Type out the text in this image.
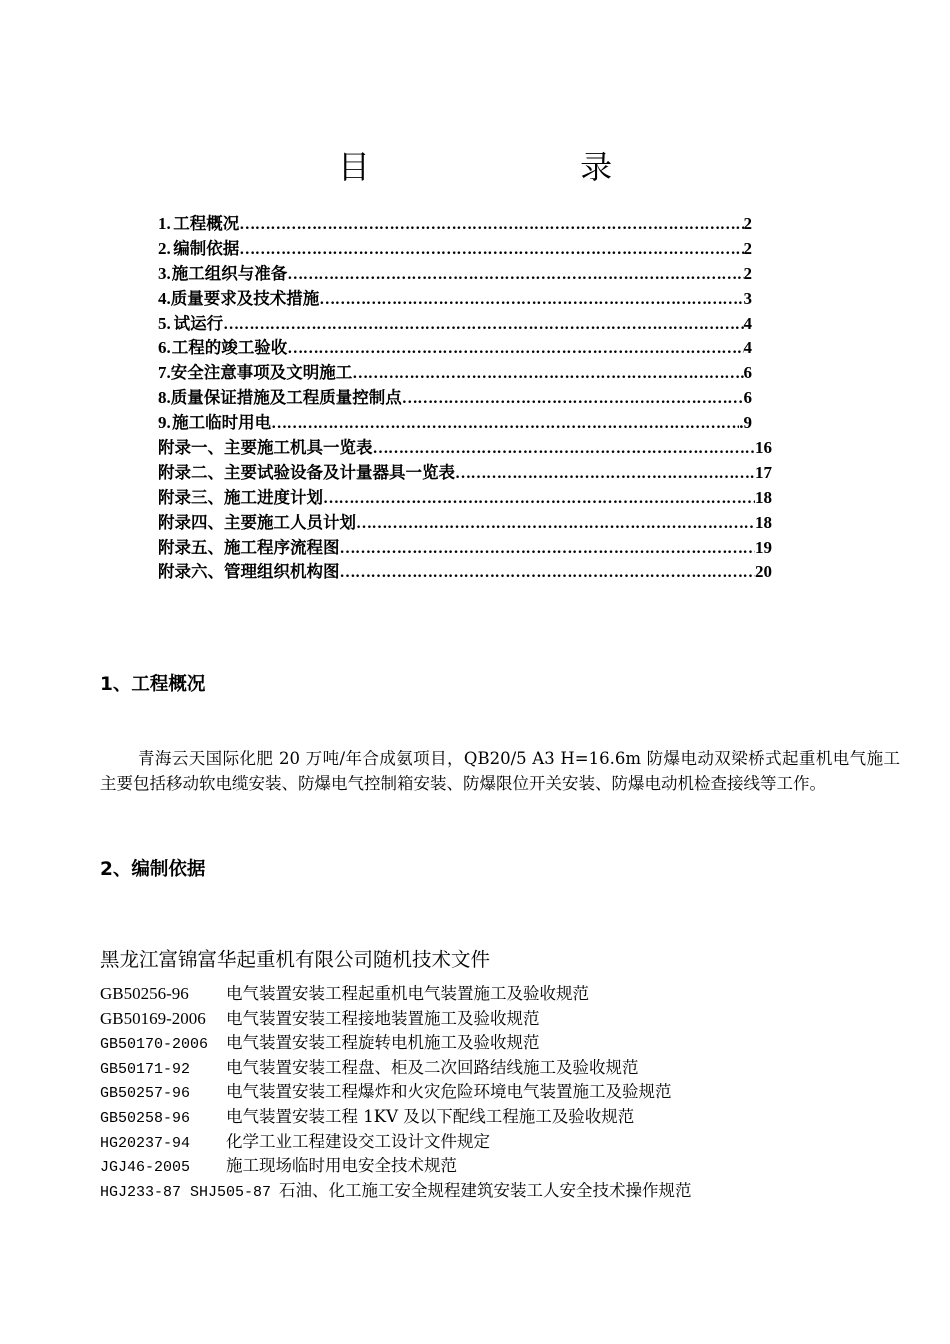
目 录
1. 工程概况 ………………………………………………………………………………………………………………………………………………………………	2
2. 编制依据 ………………………………………………………………………………………………………………………………………………………………	2
3. 施工组织与准备 ………………………………………………………………………………………………………………………………………………………………	2
4. 质量要求及技术措施 ………………………………………………………………………………………………………………………………………………………………	3
5. 试运行 ………………………………………………………………………………………………………………………………………………………………	4
6. 工程的竣工验收 ………………………………………………………………………………………………………………………………………………………………	4
7. 安全注意事项及文明施工 ………………………………………………………………………………………………………………………………………………………………	6
8. 质量保证措施及工程质量控制点 ………………………………………………………………………………………………………………………………………………………………	6
9. 施工临时用电 ………………………………………………………………………………………………………………………………………………………………	.9
附录一、主要施工机具一览表 ………………………………………………………………………………………………………………………………………………………………	16
附录二、主要试验设备及计量器具一览表 ………………………………………………………………………………………………………………………………………………………………	17
附录三、施工进度计划 ………………………………………………………………………………………………………………………………………………………………	18
附录四、主要施工人员计划 ………………………………………………………………………………………………………………………………………………………………	18
附录五、施工程序流程图 ………………………………………………………………………………………………………………………………………………………………	19
附录六、管理组织机构图 ………………………………………………………………………………………………………………………………………………………………	20
1、工程概况
青海云天国际化肥 20 万吨/年合成氨项目，QB20/5 A3 H=16.6m 防爆电动双梁桥式起重机电气施工主要包括移动软电缆安装、防爆电气控制箱安装、防爆限位开关安装、防爆电动机检查接线等工作。
2、编制依据
黑龙江富锦富华起重机有限公司随机技术文件
GB50256-96 电气装置安装工程起重机电气装置施工及验收规范
GB50169-2006 电气装置安装工程接地装置施工及验收规范
GB50170-2006 电气装置安装工程旋转电机施工及验收规范
GB50171-92 电气装置安装工程盘、柜及二次回路结线施工及验收规范
GB50257-96 电气装置安装工程爆炸和火灾危险环境电气装置施工及验规范
GB50258-96 电气装置安装工程 1KV 及以下配线工程施工及验收规范
HG20237-94 化学工业工程建设交工设计文件规定
JGJ46-2005 施工现场临时用电安全技术规范
HGJ233-87 SHJ505-87 石油、化工施工安全规程建筑安装工人安全技术操作规范
